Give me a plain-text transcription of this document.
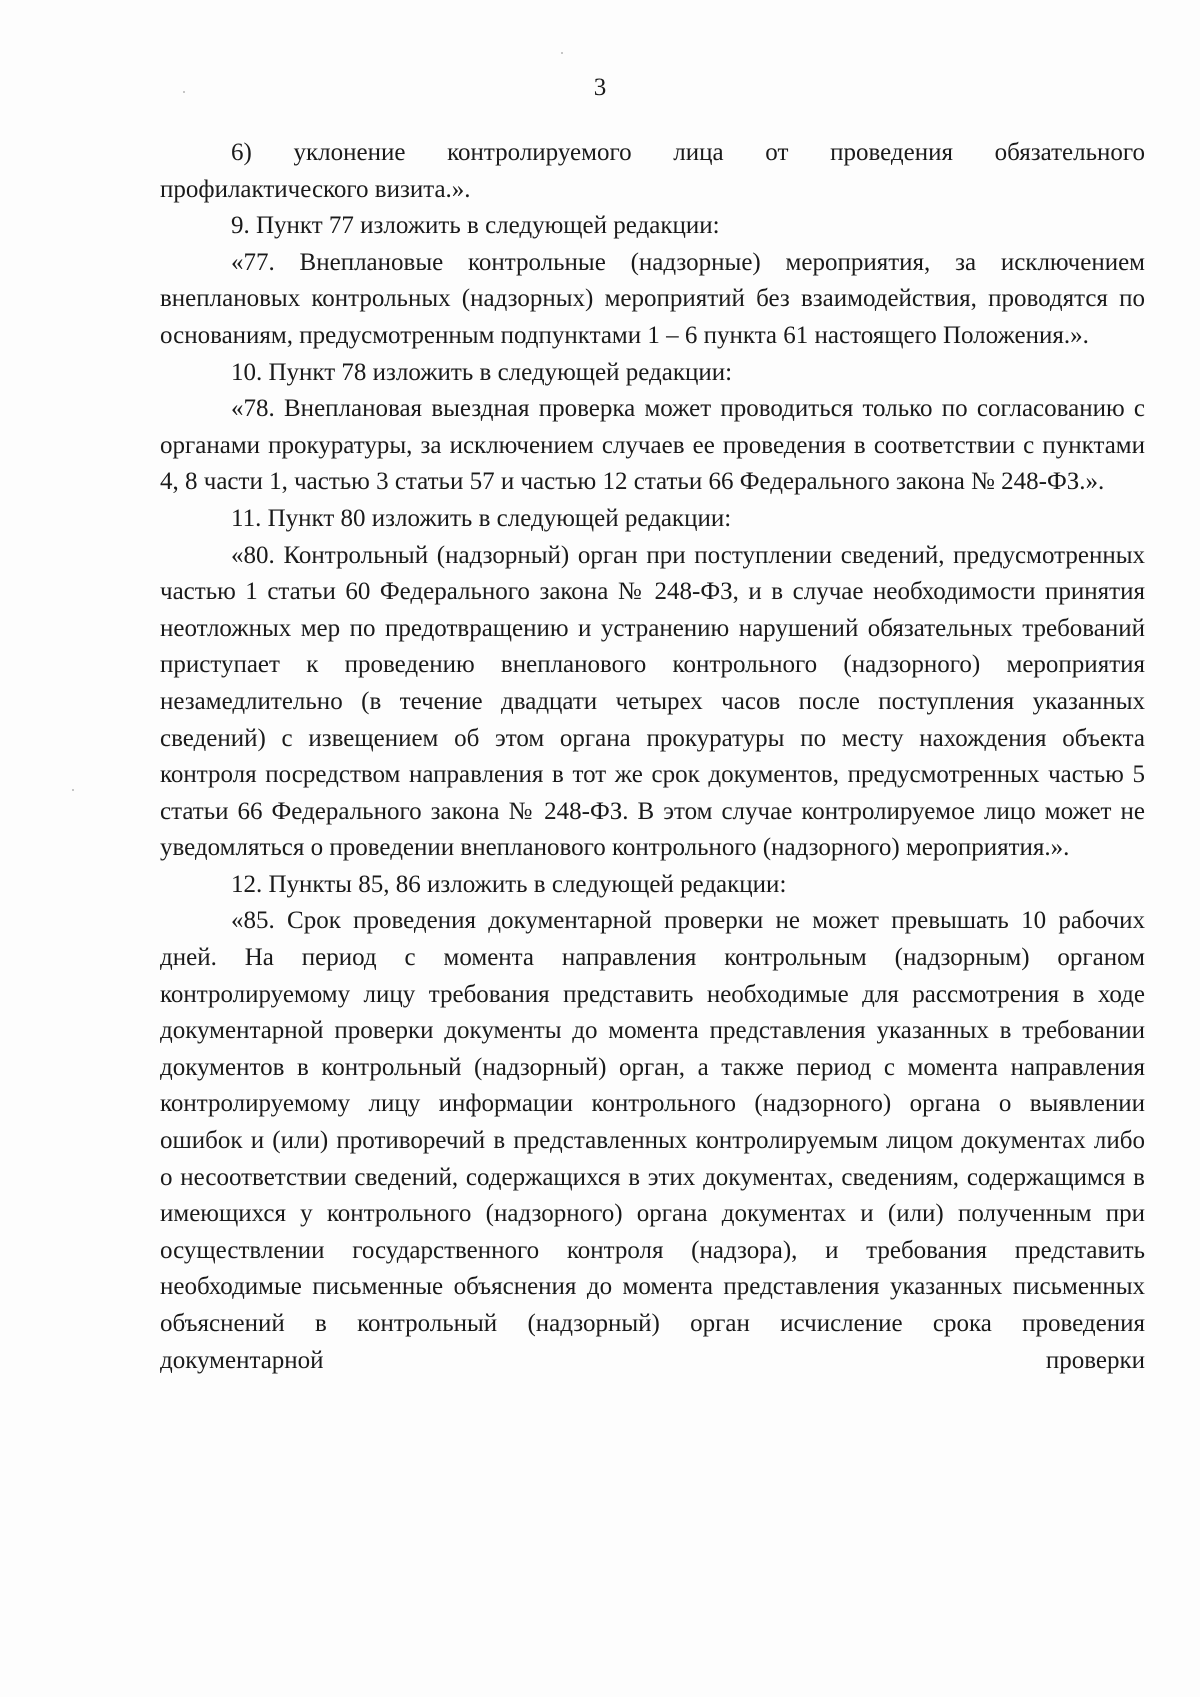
3

6) уклонение контролируемого лица от проведения обязательного профилактического визита.».

9. Пункт 77 изложить в следующей редакции:

«77. Внеплановые контрольные (надзорные) мероприятия, за исключением внеплановых контрольных (надзорных) мероприятий без взаимодействия, проводятся по основаниям, предусмотренным подпунктами 1 – 6 пункта 61 настоящего Положения.».

10. Пункт 78 изложить в следующей редакции:

«78. Внеплановая выездная проверка может проводиться только по согласованию с органами прокуратуры, за исключением случаев ее проведения в соответствии с пунктами 4, 8 части 1, частью 3 статьи 57 и частью 12 статьи 66 Федерального закона № 248-ФЗ.».

11. Пункт 80 изложить в следующей редакции:

«80. Контрольный (надзорный) орган при поступлении сведений, предусмотренных частью 1 статьи 60 Федерального закона № 248-ФЗ, и в случае необходимости принятия неотложных мер по предотвращению и устранению нарушений обязательных требований приступает к проведению внепланового контрольного (надзорного) мероприятия незамедлительно (в течение двадцати четырех часов после поступления указанных сведений) с извещением об этом органа прокуратуры по месту нахождения объекта контроля посредством направления в тот же срок документов, предусмотренных частью 5 статьи 66 Федерального закона № 248-ФЗ. В этом случае контролируемое лицо может не уведомляться о проведении внепланового контрольного (надзорного) мероприятия.».

12. Пункты 85, 86 изложить в следующей редакции:

«85. Срок проведения документарной проверки не может превышать 10 рабочих дней. На период с момента направления контрольным (надзорным) органом контролируемому лицу требования представить необходимые для рассмотрения в ходе документарной проверки документы до момента представления указанных в требовании документов в контрольный (надзорный) орган, а также период с момента направления контролируемому лицу информации контрольного (надзорного) органа о выявлении ошибок и (или) противоречий в представленных контролируемым лицом документах либо о несоответствии сведений, содержащихся в этих документах, сведениям, содержащимся в имеющихся у контрольного (надзорного) органа документах и (или) полученным при осуществлении государственного контроля (надзора), и требования представить необходимые письменные объяснения до момента представления указанных письменных объяснений в контрольный (надзорный) орган исчисление срока проведения документарной проверки
